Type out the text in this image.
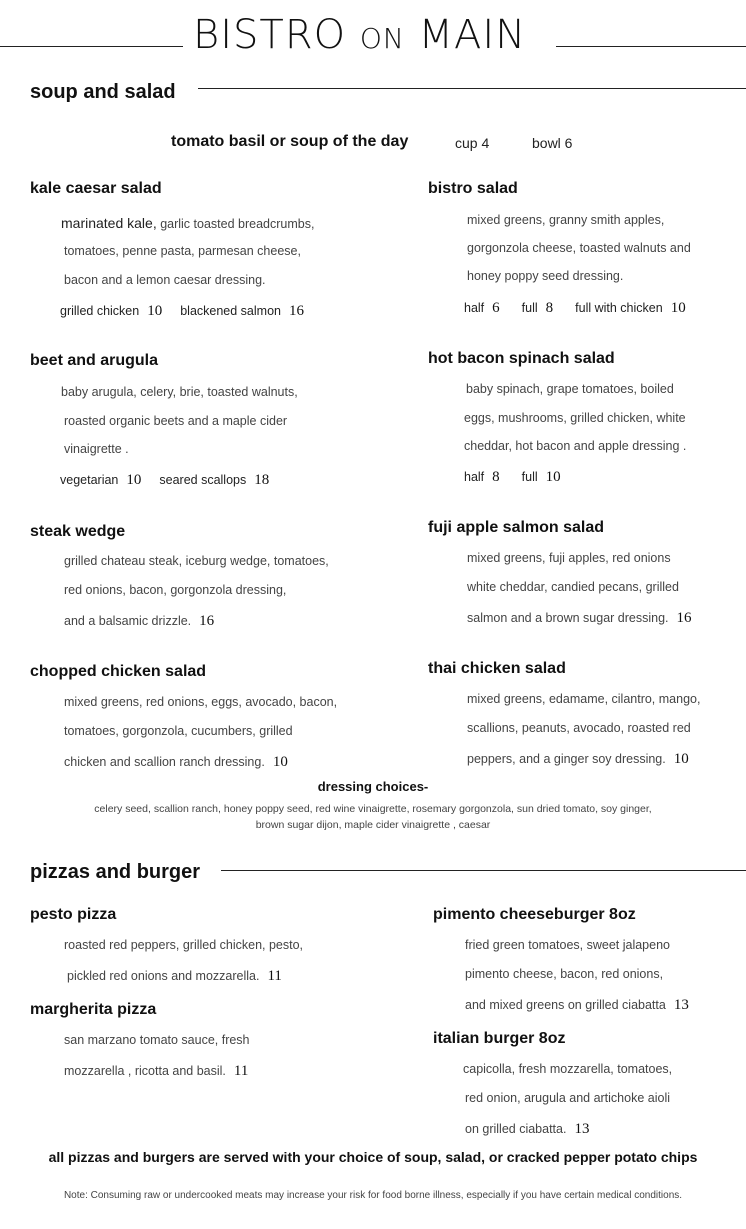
BISTRO ON MAIN
soup and salad
tomato basil or soup of the day	cup 4	bowl 6
kale caesar salad
marinated kale, garlic toasted breadcrumbs,
tomatoes, penne pasta, parmesan cheese,
bacon and a lemon caesar dressing.
grilled chicken 10 blackened salmon 16
beet and arugula
baby arugula, celery, brie, toasted walnuts,
roasted organic beets and a maple cider
vinaigrette .
vegetarian 10 seared scallops 18
steak wedge
grilled chateau steak, iceburg wedge, tomatoes,
red onions, bacon, gorgonzola dressing,
and a balsamic drizzle. 16
chopped chicken salad
mixed greens, red onions, eggs, avocado, bacon,
tomatoes, gorgonzola, cucumbers, grilled
chicken and scallion ranch dressing. 10
bistro salad
mixed greens, granny smith apples,
gorgonzola cheese, toasted walnuts and
honey poppy seed dressing.
half 6 full 8 full with chicken 10
hot bacon spinach salad
baby spinach, grape tomatoes, boiled
eggs, mushrooms, grilled chicken, white
cheddar, hot bacon and apple dressing .
half 8 full 10
fuji apple salmon salad
mixed greens, fuji apples, red onions
white cheddar, candied pecans, grilled
salmon and a brown sugar dressing. 16
thai chicken salad
mixed greens, edamame, cilantro, mango,
scallions, peanuts, avocado, roasted red
peppers, and a ginger soy dressing. 10
dressing choices-
celery seed, scallion ranch, honey poppy seed, red wine vinaigrette, rosemary gorgonzola, sun dried tomato, soy ginger,
brown sugar dijon, maple cider vinaigrette , caesar
pizzas and burger
pesto pizza
roasted red peppers, grilled chicken, pesto,
pickled red onions and mozzarella. 11
margherita pizza
san marzano tomato sauce, fresh
mozzarella , ricotta and basil. 11
pimento cheeseburger 8oz
fried green tomatoes, sweet jalapeno
pimento cheese, bacon, red onions,
and mixed greens on grilled ciabatta 13
italian burger 8oz
capicolla, fresh mozzarella, tomatoes,
red onion, arugula and artichoke aioli
on grilled ciabatta. 13
all pizzas and burgers are served with your choice of soup, salad, or cracked pepper potato chips
Note: Consuming raw or undercooked meats may increase your risk for food borne illness, especially if you have certain medical conditions.
